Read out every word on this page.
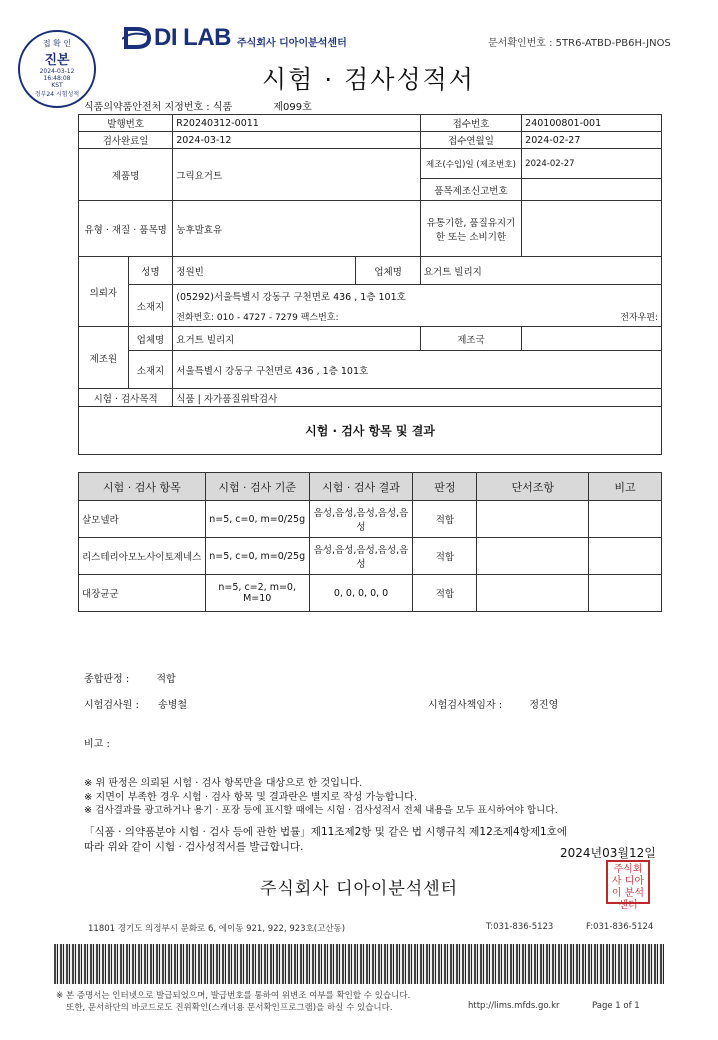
접 확 인
진본
2024-03-12
16:48:08
KST
정부24 시험성적
DI LAB 주식회사 디아이분석센터	문서확인번호 : 5TR6-ATBD-PB6H-JNOS
시험 · 검사성적서
식품의약품안전처 지정번호 : 식품	제099호
발행번호		R20240312-0011		접수번호	240100801-001
검사완료일		2024-03-12		접수연월일	2024-02-27
제품명		그릭요거트		제조(수입)일 (제조번호)	2024-02-27
				품목제조신고번호	
유형 · 재질 · 품목명		농후발효유		유통기한, 품질유지기한 또는 소비기한	
의뢰자	성명	정원빈	업체명	요거트 빌리지	
	소재지	(05292)서울특별시 강동구 구천면로 436 , 1층 101호			
		전화번호: 010 - 4727 - 7279 팩스번호:			전자우편:
제조원	업체명	요거트 빌리지		제조국	
	소재지	서울특별시 강동구 구천면로 436 , 1층 101호			
시험 · 검사목적		식품 | 자가품질위탁검사			
시험 · 검사 항목 및 결과					
시험 · 검사 항목	시험 · 검사 기준	시험 · 검사 결과	판정	단서조항	비고
살모넬라	n=5, c=0, m=0/25g	음성,음성,음성,음성,음성	적합		
리스테리아모노사이토제네스	n=5, c=0, m=0/25g	음성,음성,음성,음성,음성	적합		
대장균군	n=5, c=2, m=0, M=10	0, 0, 0, 0, 0	적합		
종합판정 :	적합
시험검사원 : 송병철	시험검사책임자 :	정진영
비고 :
※ 위 판정은 의뢰된 시험 · 검사 항목만을 대상으로 한 것입니다.
※ 지면이 부족한 경우 시험 · 검사 항목 및 결과란은 별지로 작성 가능합니다.
※ 검사결과를 광고하거나 용기 · 포장 등에 표시할 때에는 시험 · 검사성적서 전체 내용을 모두 표시하여야 합니다.
「식품 · 의약품분야 시험 · 검사 등에 관한 법률」제11조제2항 및 같은 법 시행규칙 제12조제4항제1호에
따라 위와 같이 시험 · 검사성적서를 발급합니다.	2024년03월12일
주식회사 디아이분석센터
주식회사 디아이 분석센터
11801 경기도 의정부시 문화로 6, 에이동 921, 922, 923호(고산동)	T:031-836-5123	F:031-836-5124
※ 본 증명서는 인터넷으로 발급되었으며, 발급번호를 통하여 위변조 여부를 확인할 수 있습니다.
또한, 문서하단의 바코드로도 진위확인(스캐너용 문서확인프로그램)을 하실 수 있습니다.	http://lims.mfds.go.kr	Page 1 of 1
